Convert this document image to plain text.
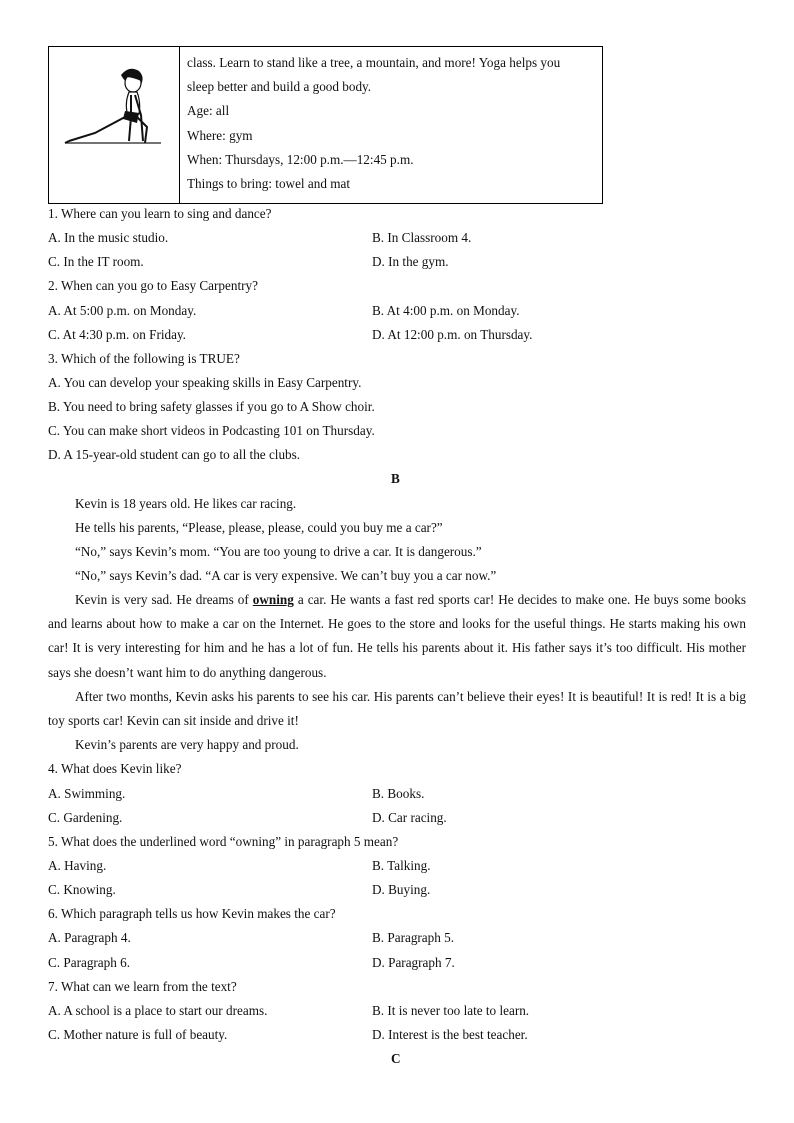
class. Learn to stand like a tree, a mountain, and more! Yoga helps you
sleep better and build a good body.
Age: all
Where: gym
When: Thursdays, 12:00 p.m.—12:45 p.m.
Things to bring: towel and mat
1. Where can you learn to sing and dance?
A. In the music studio.	B. In Classroom 4.
C. In the IT room.	D. In the gym.
2. When can you go to Easy Carpentry?
A. At 5:00 p.m. on Monday.	B. At 4:00 p.m. on Monday.
C. At 4:30 p.m. on Friday.	D. At 12:00 p.m. on Thursday.
3. Which of the following is TRUE?
A. You can develop your speaking skills in Easy Carpentry.
B. You need to bring safety glasses if you go to A Show choir.
C. You can make short videos in Podcasting 101 on Thursday.
D. A 15-year-old student can go to all the clubs.
B
Kevin is 18 years old. He likes car racing.
He tells his parents, “Please, please, please, could you buy me a car?”
“No,” says Kevin’s mom. “You are too young to drive a car. It is dangerous.”
“No,” says Kevin’s dad. “A car is very expensive. We can’t buy you a car now.”
Kevin is very sad. He dreams of owning a car. He wants a fast red sports car! He decides to make one. He buys some books and learns about how to make a car on the Internet. He goes to the store and looks for the useful things. He starts making his own car! It is very interesting for him and he has a lot of fun. He tells his parents about it. His father says it’s too difficult. His mother says she doesn’t want him to do anything dangerous.
After two months, Kevin asks his parents to see his car. His parents can’t believe their eyes! It is beautiful! It is red! It is a big toy sports car! Kevin can sit inside and drive it!
Kevin’s parents are very happy and proud.
4. What does Kevin like?
A. Swimming.	B. Books.
C. Gardening.	D. Car racing.
5. What does the underlined word “owning” in paragraph 5 mean?
A. Having.	B. Talking.
C. Knowing.	D. Buying.
6. Which paragraph tells us how Kevin makes the car?
A. Paragraph 4.	B. Paragraph 5.
C. Paragraph 6.	D. Paragraph 7.
7. What can we learn from the text?
A. A school is a place to start our dreams.	B. It is never too late to learn.
C. Mother nature is full of beauty.	D. Interest is the best teacher.
C
